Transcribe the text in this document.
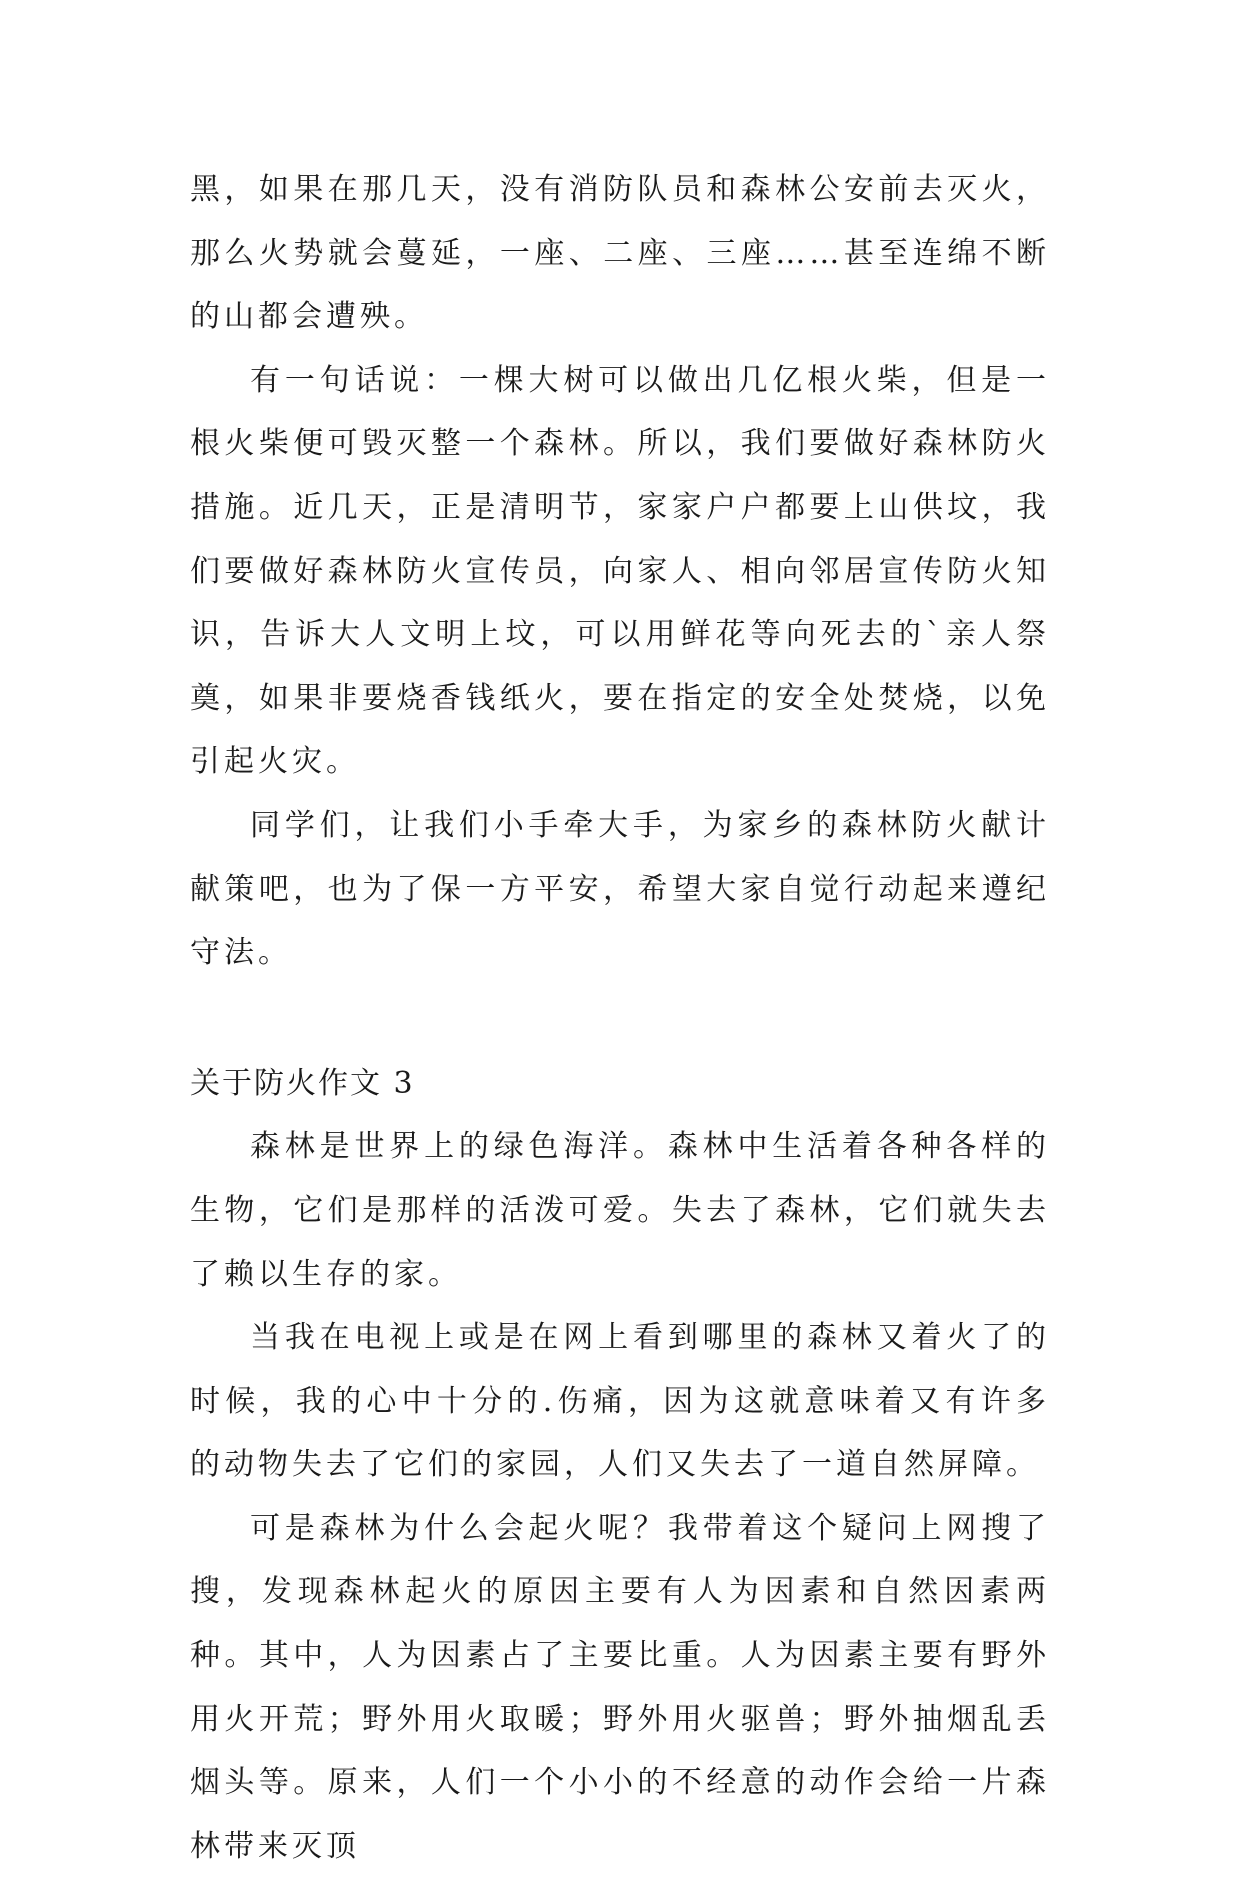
黑，如果在那几天，没有消防队员和森林公安前去灭火，那么火势就会蔓延，一座、二座、三座……甚至连绵不断的山都会遭殃。

有一句话说：一棵大树可以做出几亿根火柴，但是一根火柴便可毁灭整一个森林。所以，我们要做好森林防火措施。近几天，正是清明节，家家户户都要上山供坟，我们要做好森林防火宣传员，向家人、相向邻居宣传防火知识，告诉大人文明上坟，可以用鲜花等向死去的`亲人祭奠，如果非要烧香钱纸火，要在指定的安全处焚烧，以免引起火灾。

同学们，让我们小手牵大手，为家乡的森林防火献计献策吧，也为了保一方平安，希望大家自觉行动起来遵纪守法。

关于防火作文 3

森林是世界上的绿色海洋。森林中生活着各种各样的生物，它们是那样的活泼可爱。失去了森林，它们就失去了赖以生存的家。

当我在电视上或是在网上看到哪里的森林又着火了的时候，我的心中十分的.伤痛，因为这就意味着又有许多的动物失去了它们的家园，人们又失去了一道自然屏障。

可是森林为什么会起火呢？我带着这个疑问上网搜了搜，发现森林起火的原因主要有人为因素和自然因素两种。其中，人为因素占了主要比重。人为因素主要有野外用火开荒；野外用火取暖；野外用火驱兽；野外抽烟乱丢烟头等。原来，人们一个小小的不经意的动作会给一片森林带来灭顶
